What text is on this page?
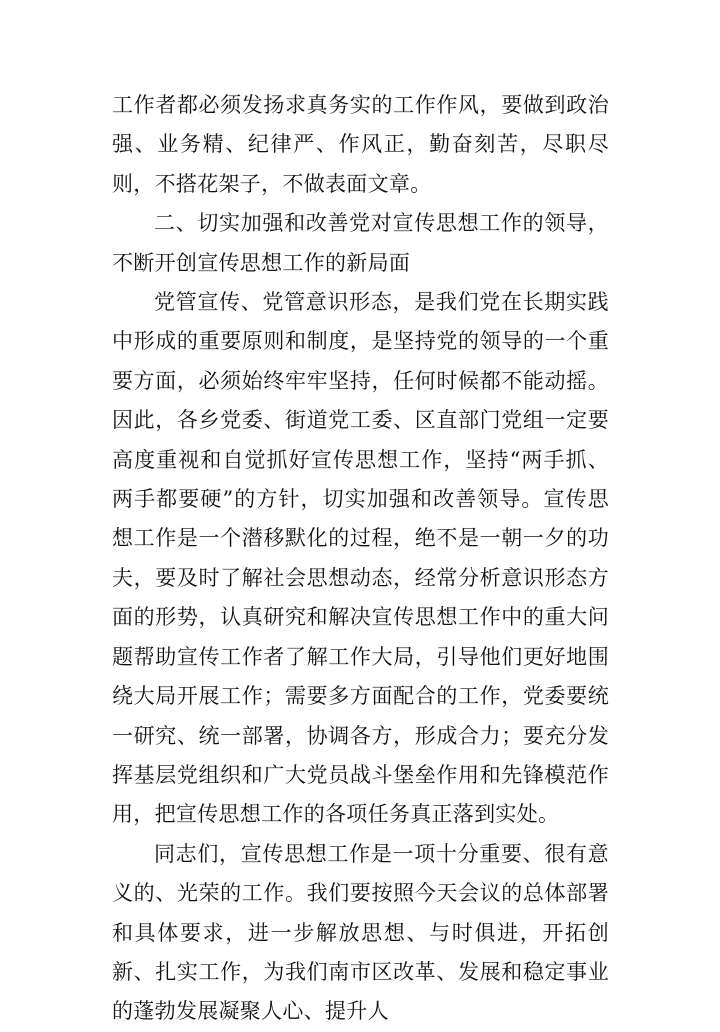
工作者都必须发扬求真务实的工作作风，要做到政治强、业务精、纪律严、作风正，勤奋刻苦，尽职尽则，不搭花架子，不做表面文章。

二、切实加强和改善党对宣传思想工作的领导，不断开创宣传思想工作的新局面

党管宣传、党管意识形态，是我们党在长期实践中形成的重要原则和制度，是坚持党的领导的一个重要方面，必须始终牢牢坚持，任何时候都不能动摇。因此，各乡党委、街道党工委、区直部门党组一定要高度重视和自觉抓好宣传思想工作，坚持“两手抓、两手都要硬”的方针，切实加强和改善领导。宣传思想工作是一个潜移默化的过程，绝不是一朝一夕的功夫，要及时了解社会思想动态，经常分析意识形态方面的形势，认真研究和解决宣传思想工作中的重大问题帮助宣传工作者了解工作大局，引导他们更好地围绕大局开展工作；需要多方面配合的工作，党委要统一研究、统一部署，协调各方，形成合力；要充分发挥基层党组织和广大党员战斗堡垒作用和先锋模范作用，把宣传思想工作的各项任务真正落到实处。

同志们，宣传思想工作是一项十分重要、很有意义的、光荣的工作。我们要按照今天会议的总体部署和具体要求，进一步解放思想、与时俱进，开拓创新、扎实工作，为我们南市区改革、发展和稳定事业的蓬勃发展凝聚人心、提升人
